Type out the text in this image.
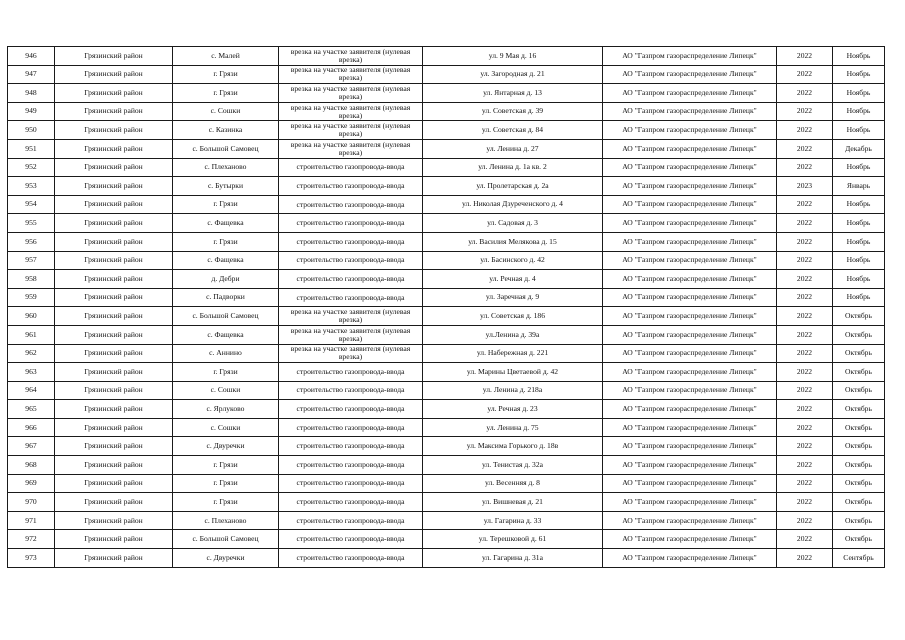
946	Грязинский район	с. Малей	врезка на участке заявителя (нулевая врезка)	ул. 9 Мая д. 16	АО "Газпром газораспределение Липецк"	2022	Ноябрь
947	Грязинский район	г. Грязи	врезка на участке заявителя (нулевая врезка)	ул. Загородная д. 21	АО "Газпром газораспределение Липецк"	2022	Ноябрь
948	Грязинский район	г. Грязи	врезка на участке заявителя (нулевая врезка)	ул. Янтарная д. 13	АО "Газпром газораспределение Липецк"	2022	Ноябрь
949	Грязинский район	с. Сошки	врезка на участке заявителя (нулевая врезка)	ул. Советская д. 39	АО "Газпром газораспределение Липецк"	2022	Ноябрь
950	Грязинский район	с. Казинка	врезка на участке заявителя (нулевая врезка)	ул. Советская д. 84	АО "Газпром газораспределение Липецк"	2022	Ноябрь
951	Грязинский район	с. Большой Самовец	врезка на участке заявителя (нулевая врезка)	ул. Ленина д. 27	АО "Газпром газораспределение Липецк"	2022	Декабрь
952	Грязинский район	с. Плеханово	строительство газопровода-ввода	ул. Ленина д. 1а кв. 2	АО "Газпром газораспределение Липецк"	2022	Ноябрь
953	Грязинский район	с. Бутырки	строительство газопровода-ввода	ул. Пролетарская д. 2а	АО "Газпром газораспределение Липецк"	2023	Январь
954	Грязинский район	г. Грязи	строительство газопровода-ввода	ул. Николая Дзуреченского д. 4	АО "Газпром газораспределение Липецк"	2022	Ноябрь
955	Грязинский район	с. Фащевка	строительство газопровода-ввода	ул. Садовая д. 3	АО "Газпром газораспределение Липецк"	2022	Ноябрь
956	Грязинский район	г. Грязи	строительство газопровода-ввода	ул. Василия Мелякова д. 15	АО "Газпром газораспределение Липецк"	2022	Ноябрь
957	Грязинский район	с. Фащевка	строительство газопровода-ввода	ул. Басинского д. 42	АО "Газпром газораспределение Липецк"	2022	Ноябрь
958	Грязинский район	д. Дебри	строительство газопровода-ввода	ул. Речная д. 4	АО "Газпром газораспределение Липецк"	2022	Ноябрь
959	Грязинский район	с. Падворки	строительство газопровода-ввода	ул. Заречная д. 9	АО "Газпром газораспределение Липецк"	2022	Ноябрь
960	Грязинский район	с. Большой Самовец	врезка на участке заявителя (нулевая врезка)	ул. Советская д. 186	АО "Газпром газораспределение Липецк"	2022	Октябрь
961	Грязинский район	с. Фащевка	врезка на участке заявителя (нулевая врезка)	ул.Ленина д. 39а	АО "Газпром газораспределение Липецк"	2022	Октябрь
962	Грязинский район	с. Аннино	врезка на участке заявителя (нулевая врезка)	ул. Набережная д. 221	АО "Газпром газораспределение Липецк"	2022	Октябрь
963	Грязинский район	г. Грязи	строительство газопровода-ввода	ул. Марины Цветаевой д. 42	АО "Газпром газораспределение Липецк"	2022	Октябрь
964	Грязинский район	с. Сошки	строительство газопровода-ввода	ул. Ленина д. 218а	АО "Газпром газораспределение Липецк"	2022	Октябрь
965	Грязинский район	с. Ярлуково	строительство газопровода-ввода	ул. Речная д. 23	АО "Газпром газораспределение Липецк"	2022	Октябрь
966	Грязинский район	с. Сошки	строительство газопровода-ввода	ул. Ленина д. 75	АО "Газпром газораспределение Липецк"	2022	Октябрь
967	Грязинский район	с. Двуречки	строительство газопровода-ввода	ул. Максима Горького д. 18в	АО "Газпром газораспределение Липецк"	2022	Октябрь
968	Грязинский район	г. Грязи	строительство газопровода-ввода	ул. Тенистая д. 32а	АО "Газпром газораспределение Липецк"	2022	Октябрь
969	Грязинский район	г. Грязи	строительство газопровода-ввода	ул. Весенняя д. 8	АО "Газпром газораспределение Липецк"	2022	Октябрь
970	Грязинский район	г. Грязи	строительство газопровода-ввода	ул. Вишневая д. 21	АО "Газпром газораспределение Липецк"	2022	Октябрь
971	Грязинский район	с. Плеханово	строительство газопровода-ввода	ул. Гагарина д. 33	АО "Газпром газораспределение Липецк"	2022	Октябрь
972	Грязинский район	с. Большой Самовец	строительство газопровода-ввода	ул. Терешковой д. 61	АО "Газпром газораспределение Липецк"	2022	Октябрь
973	Грязинский район	с. Двуречки	строительство газопровода-ввода	ул. Гагарина д. 31а	АО "Газпром газораспределение Липецк"	2022	Сентябрь
